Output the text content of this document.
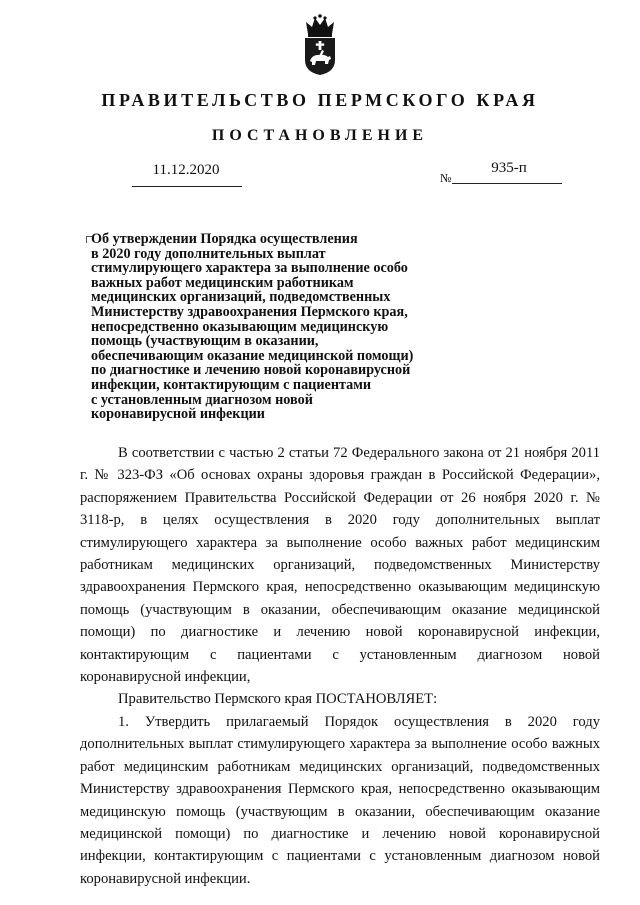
ПРАВИТЕЛЬСТВО ПЕРМСКОГО КРАЯ
ПОСТАНОВЛЕНИЕ
11.12.2020	№
935-п
Об утверждении Порядка осуществления
в 2020 году дополнительных выплат
стимулирующего характера за выполнение особо
важных работ медицинским работникам
медицинских организаций, подведомственных
Министерству здравоохранения Пермского края,
непосредственно оказывающим медицинскую
помощь (участвующим в оказании,
обеспечивающим оказание медицинской помощи)
по диагностике и лечению новой коронавирусной
инфекции, контактирующим с пациентами
с установленным диагнозом новой
коронавирусной инфекции

В соответствии с частью 2 статьи 72 Федерального закона от 21 ноября 2011 г. № 323-ФЗ «Об основах охраны здоровья граждан в Российской Федерации», распоряжением Правительства Российской Федерации от 26 ноября 2020 г. № 3118-р, в целях осуществления в 2020 году дополнительных выплат стимулирующего характера за выполнение особо важных работ медицинским работникам медицинских организаций, подведомственных Министерству здравоохранения Пермского края, непосредственно оказывающим медицинскую помощь (участвующим в оказании, обеспечивающим оказание медицинской помощи) по диагностике и лечению новой коронавирусной инфекции, контактирующим с пациентами с установленным диагнозом новой коронавирусной инфекции,

Правительство Пермского края ПОСТАНОВЛЯЕТ:

1. Утвердить прилагаемый Порядок осуществления в 2020 году дополнительных выплат стимулирующего характера за выполнение особо важных работ медицинским работникам медицинских организаций, подведомственных Министерству здравоохранения Пермского края, непосредственно оказывающим медицинскую помощь (участвующим в оказании, обеспечивающим оказание медицинской помощи) по диагностике и лечению новой коронавирусной инфекции, контактирующим с пациентами с установленным диагнозом новой коронавирусной инфекции.
